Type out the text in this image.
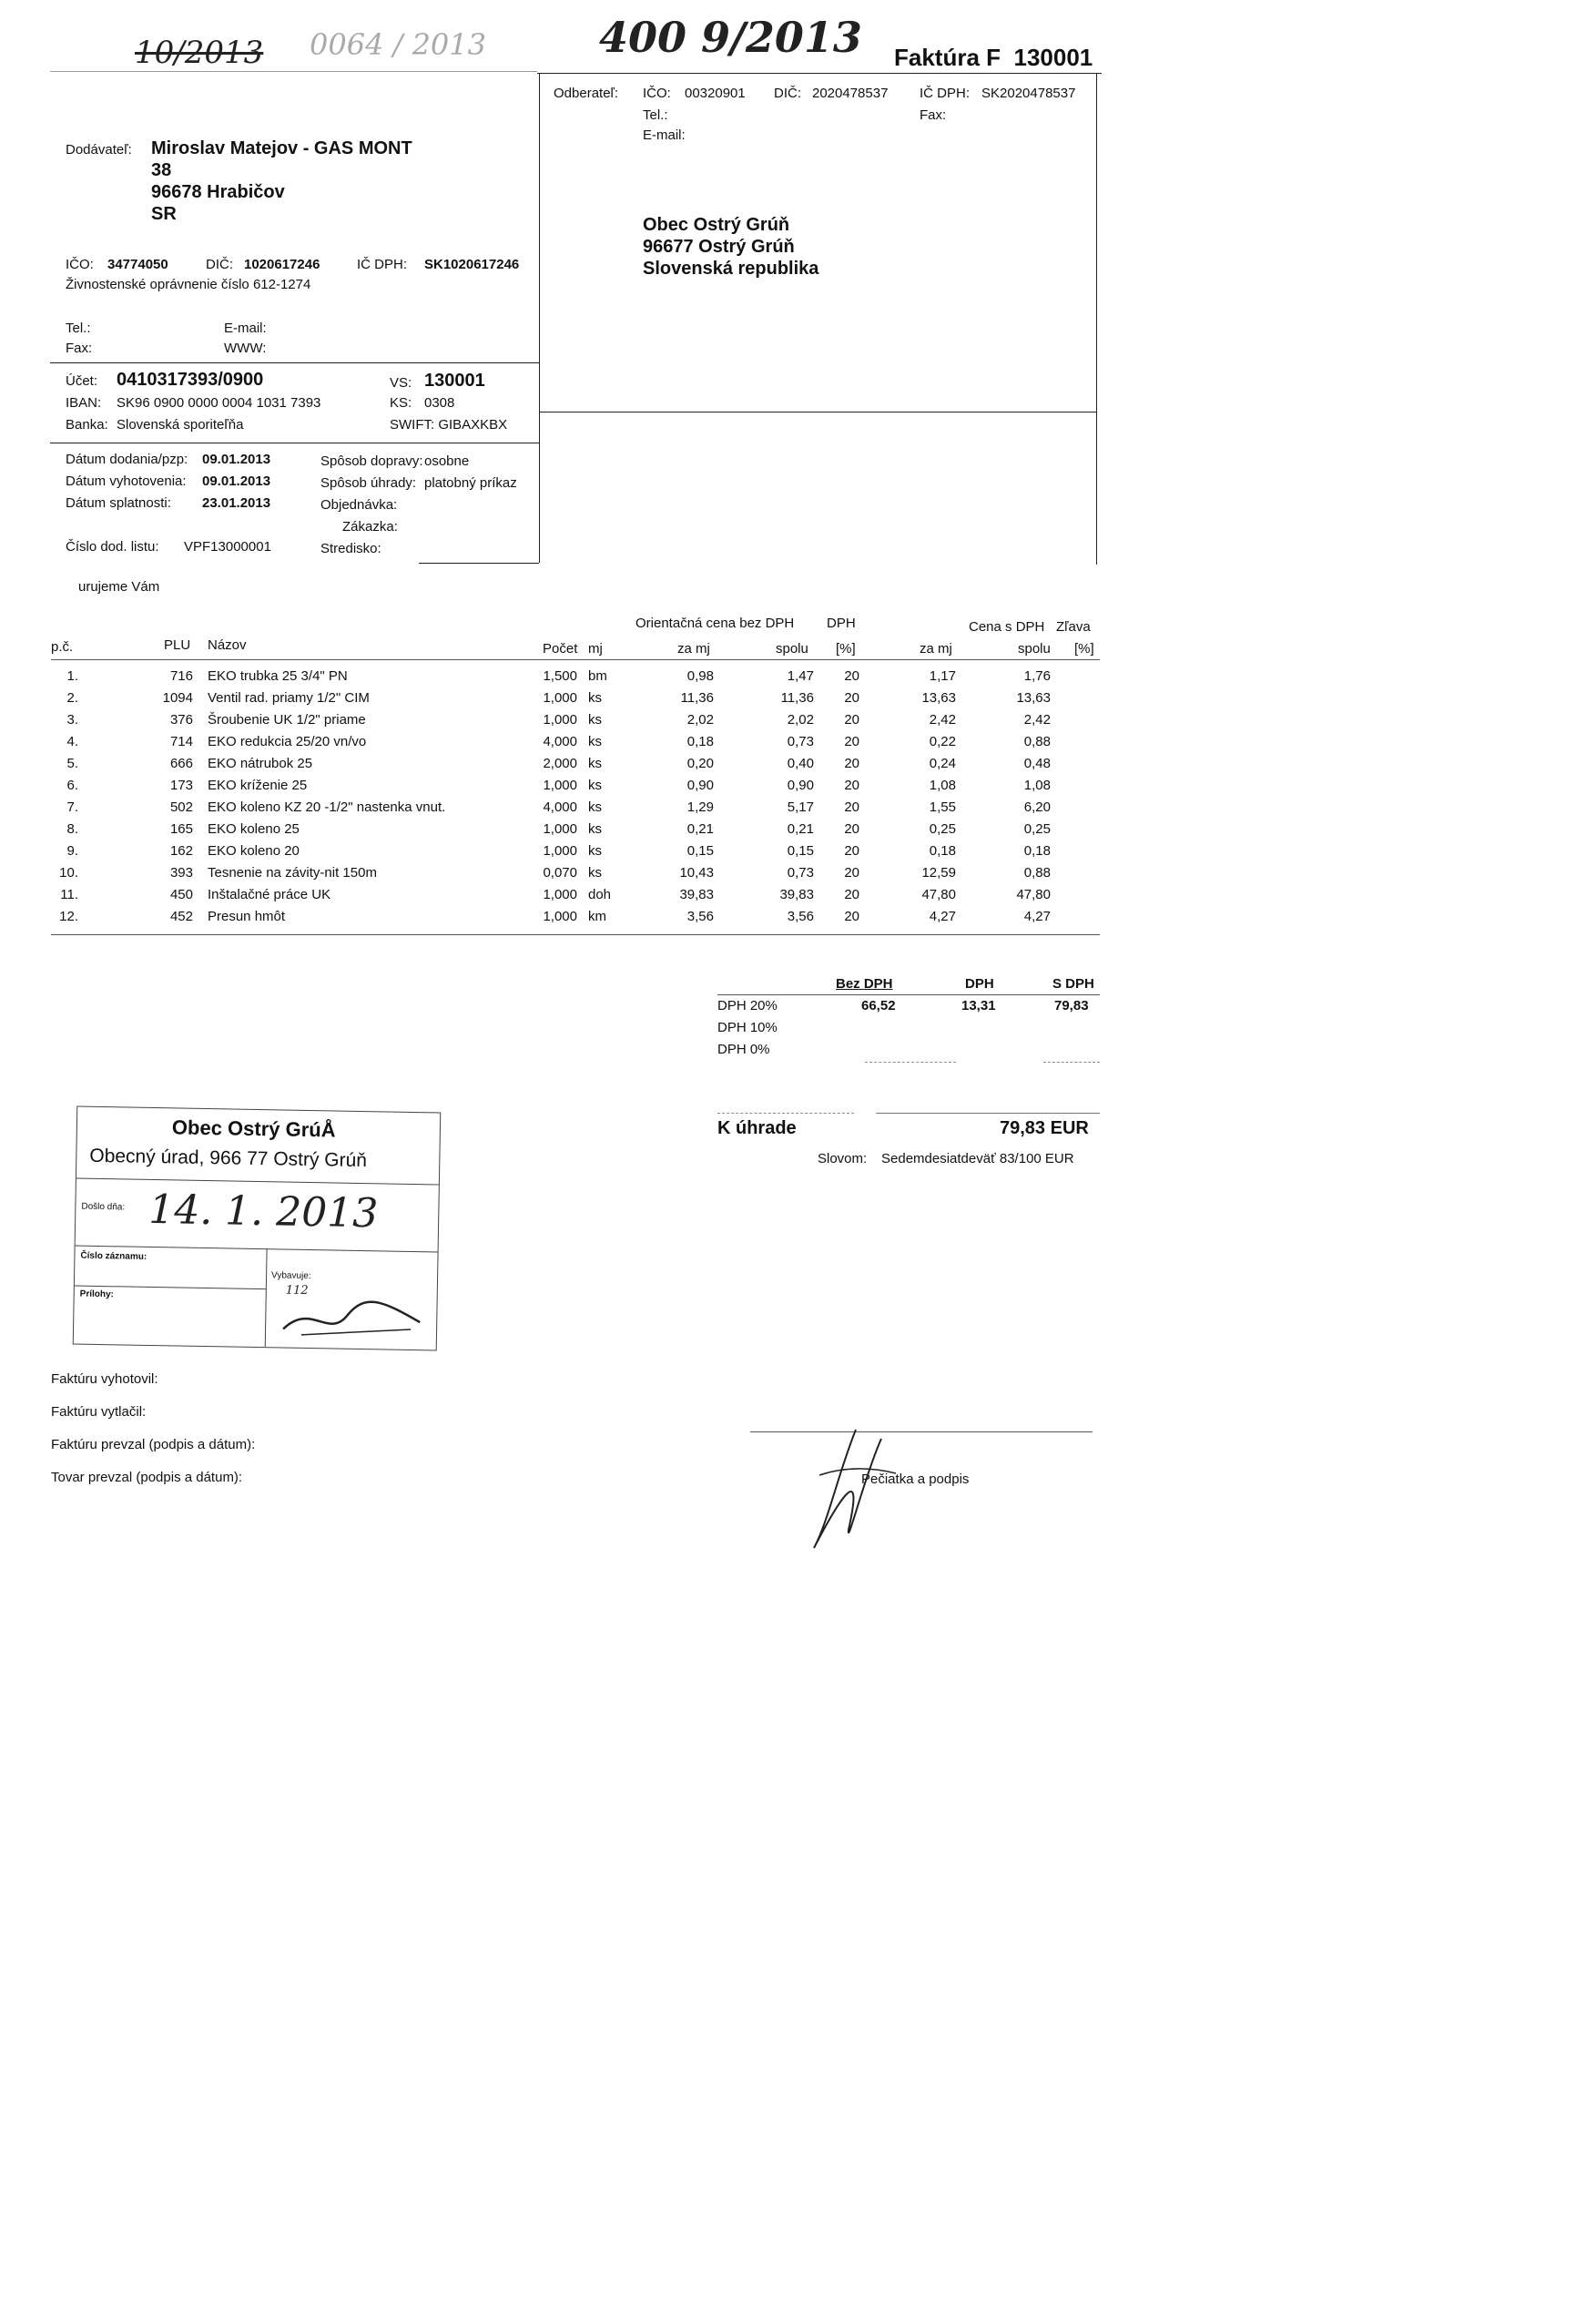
10/2013 0064 / 2013	400 9/2013 Faktúra F 130001
Dodávateľ: Miroslav Matejov - GAS MONT
38
96678 Hrabičov
SR
IČO: 34774050	DIČ: 1020617246	IČ DPH: SK1020617246
Živnostenské oprávnenie číslo 612-1274
Tel.:	E-mail:
Fax:	WWW:
Účet: 0410317393/0900	VS: 130001
IBAN: SK96 0900 0000 0004 1031 7393	KS: 0308
Banka: Slovenská sporiteľňa	SWIFT: GIBAXKBX
Dátum dodania/pzp: 09.01.2013
Dátum vyhotovenia: 09.01.2013
Dátum splatnosti: 23.01.2013
Číslo dod. listu: VPF13000001
Spôsob dopravy: osobne
Spôsob úhrady: platobný príkaz
Objednávka:
Zákazka:
Stredisko:
Odberateľ: IČO: 00320901 DIČ: 2020478537 IČ DPH: SK2020478537
Tel.:	Fax:
E-mail:
Obec Ostrý Grúň
96677 Ostrý Grúň
Slovenská republika
urujeme Vám
Orientačná cena bez DPH DPH	Cena s DPH Zľava
p.č.	PLU Názov	Počet mj	za mj	spolu [%]	za mj	spolu [%]
1.	716 EKO trubka 25 3/4" PN	1,500 bm	0,98	1,47	20	1,17	1,76
2.	1094 Ventil rad. priamy 1/2" CIM	1,000 ks	11,36	11,36	20	13,63	13,63
3.	376 Šroubenie UK 1/2" priame	1,000 ks	2,02	2,02	20	2,42	2,42
4.	714 EKO redukcia 25/20 vn/vo	4,000 ks	0,18	0,73	20	0,22	0,88
5.	666 EKO nátrubok 25	2,000 ks	0,20	0,40	20	0,24	0,48
6.	173 EKO kríženie 25	1,000 ks	0,90	0,90	20	1,08	1,08
7.	502 EKO koleno KZ 20 -1/2" nastenka vnut.	4,000 ks	1,29	5,17	20	1,55	6,20
8.	165 EKO koleno 25	1,000 ks	0,21	0,21	20	0,25	0,25
9.	162 EKO koleno 20	1,000 ks	0,15	0,15	20	0,18	0,18
10.	393 Tesnenie na závity-nit 150m	0,070 ks	10,43	0,73	20	12,59	0,88
11.	450 Inštalačné práce UK	1,000 doh	39,83	39,83	20	47,80	47,80
12.	452 Presun hmôt	1,000 km	3,56	3,56	20	4,27	4,27
Bez DPH	DPH	S DPH
DPH 20%	66,52	13,31	79,83
DPH 10%
DPH 0%
K úhrade	79,83 EUR
Slovom: Sedemdesiatdeväť 83/100 EUR
Obec Ostrý GrúÅ
Obecný úrad, 966 77 Ostrý Grúň
Došlo dňa: 14. 1. 2013
Číslo záznamu:
Vybavuje:
112
Prílohy:
Faktúru vyhotovil:
Faktúru vytlačil:
Faktúru prevzal (podpis a dátum):
Tovar prevzal (podpis a dátum):	Pečiatka a podpis
